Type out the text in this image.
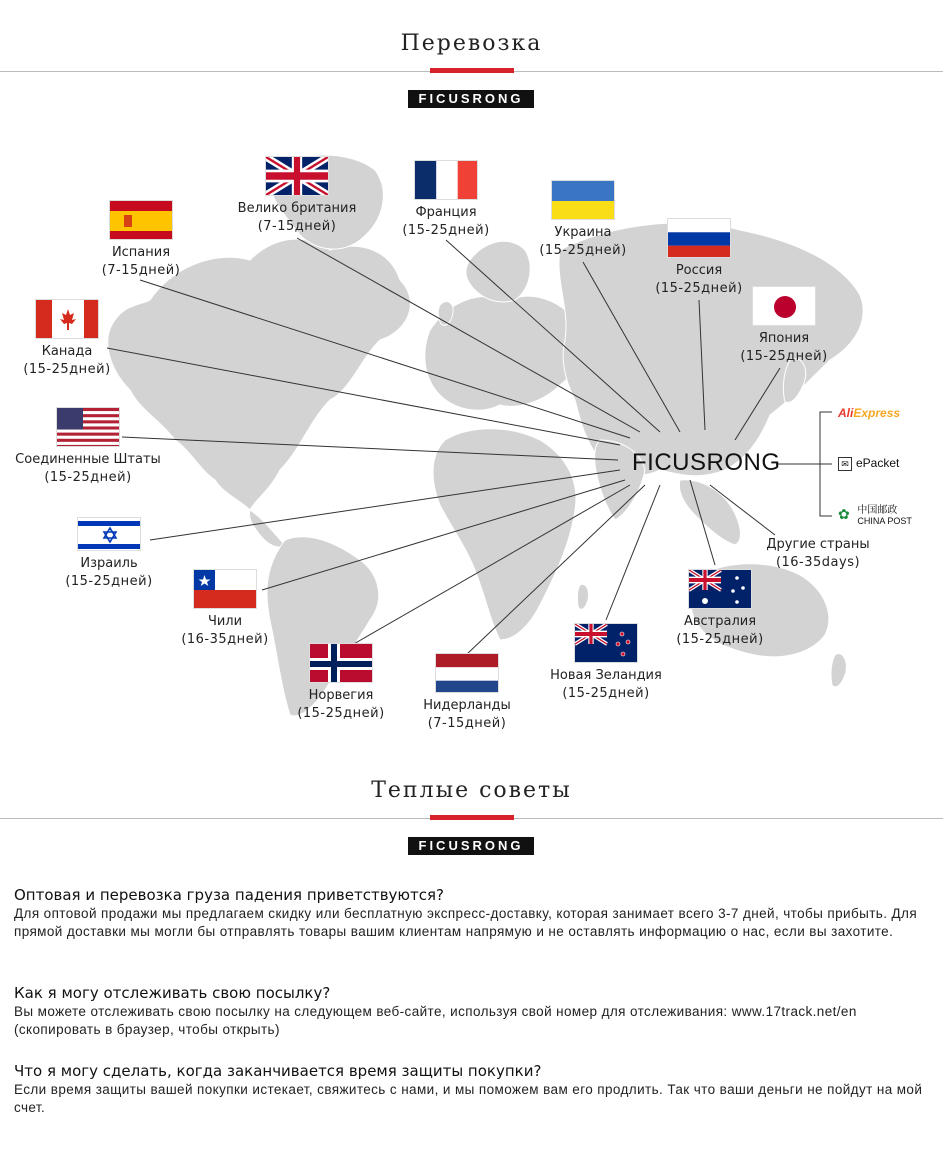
Перевозка
FICUSRONG
Велико британия
(7-15дней)
Франция
(15-25дней)	Украина
(15-25дней)
Испания
(7-15дней)	Россия
(15-25дней)
Япония
(15-25дней)
Канада
(15-25дней)
Соединенные Штаты
(15-25дней)
Израиль
(15-25дней)
Чили
(16-35дней)
Норвегия
(15-25дней)
Нидерланды
(7-15дней)
Новая Зеландия
(15-25дней)
Австралия
(15-25дней)
Другие страны
(16-35days)
FICUSRONG
AliExpress
✉ ePacket
✿ 中国邮政
CHINA POST
Теплые советы
FICUSRONG
Оптовая и перевозка груза падения приветствуются?

Для оптовой продажи мы предлагаем скидку или бесплатную экспресс-доставку, которая занимает всего 3-7 дней, чтобы прибыть. Для прямой доставки мы могли бы отправлять товары вашим клиентам напрямую и не оставлять информацию о нас, если вы захотите.

Как я могу отслеживать свою посылку?

Вы можете отслеживать свою посылку на следующем веб-сайте, используя свой номер для отслеживания: www.17track.net/en (скопировать в браузер, чтобы открыть)

Что я могу сделать, когда заканчивается время защиты покупки?

Если время защиты вашей покупки истекает, свяжитесь с нами, и мы поможем вам его продлить. Так что ваши деньги не пойдут на мой счет.
